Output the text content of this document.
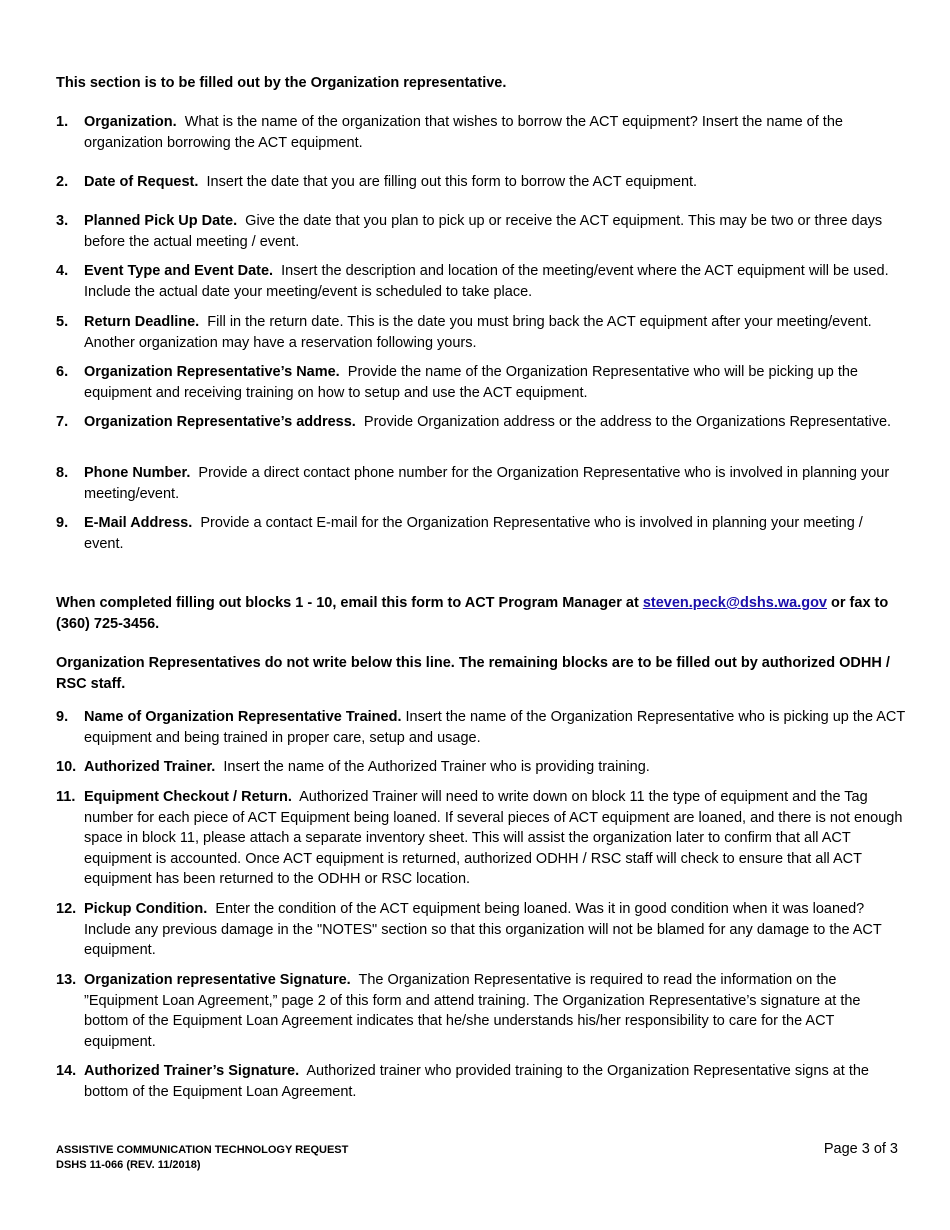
This section is to be filled out by the Organization representative.

1.	Organization. What is the name of the organization that wishes to borrow the ACT equipment? Insert the name of the organization borrowing the ACT equipment.
2.	Date of Request. Insert the date that you are filling out this form to borrow the ACT equipment.
3.	Planned Pick Up Date. Give the date that you plan to pick up or receive the ACT equipment. This may be two or three days before the actual meeting / event.
4.	Event Type and Event Date. Insert the description and location of the meeting/event where the ACT equipment will be used. Include the actual date your meeting/event is scheduled to take place.
5.	Return Deadline. Fill in the return date. This is the date you must bring back the ACT equipment after your meeting/event. Another organization may have a reservation following yours.
6.	Organization Representative’s Name. Provide the name of the Organization Representative who will be picking up the equipment and receiving training on how to setup and use the ACT equipment.
7.	Organization Representative’s address. Provide Organization address or the address to the Organizations Representative.
8.	Phone Number. Provide a direct contact phone number for the Organization Representative who is involved in planning your meeting/event.
9.	E-Mail Address. Provide a contact E-mail for the Organization Representative who is involved in planning your meeting / event.

When completed filling out blocks 1 - 10, email this form to ACT Program Manager at steven.peck@dshs.wa.gov or fax to (360) 725-3456.

Organization Representatives do not write below this line. The remaining blocks are to be filled out by authorized ODHH / RSC staff.

9.	Name of Organization Representative Trained. Insert the name of the Organization Representative who is picking up the ACT equipment and being trained in proper care, setup and usage.
10. Authorized Trainer. Insert the name of the Authorized Trainer who is providing training.
11. Equipment Checkout / Return. Authorized Trainer will need to write down on block 11 the type of equipment and the Tag number for each piece of ACT Equipment being loaned. If several pieces of ACT equipment are loaned, and there is not enough space in block 11, please attach a separate inventory sheet. This will assist the organization later to confirm that all ACT equipment is accounted. Once ACT equipment is returned, authorized ODHH / RSC staff will check to ensure that all ACT equipment has been returned to the ODHH or RSC location.
12. Pickup Condition. Enter the condition of the ACT equipment being loaned. Was it in good condition when it was loaned? Include any previous damage in the "NOTES" section so that this organization will not be blamed for any damage to the ACT equipment.
13. Organization representative Signature. The Organization Representative is required to read the information on the ”Equipment Loan Agreement,” page 2 of this form and attend training. The Organization Representative’s signature at the bottom of the Equipment Loan Agreement indicates that he/she understands his/her responsibility to care for the ACT equipment.
14. Authorized Trainer’s Signature. Authorized trainer who provided training to the Organization Representative signs at the bottom of the Equipment Loan Agreement.
ASSISTIVE COMMUNICATION TECHNOLOGY REQUEST
DSHS 11-066 (REV. 11/2018)
Page 3 of 3
